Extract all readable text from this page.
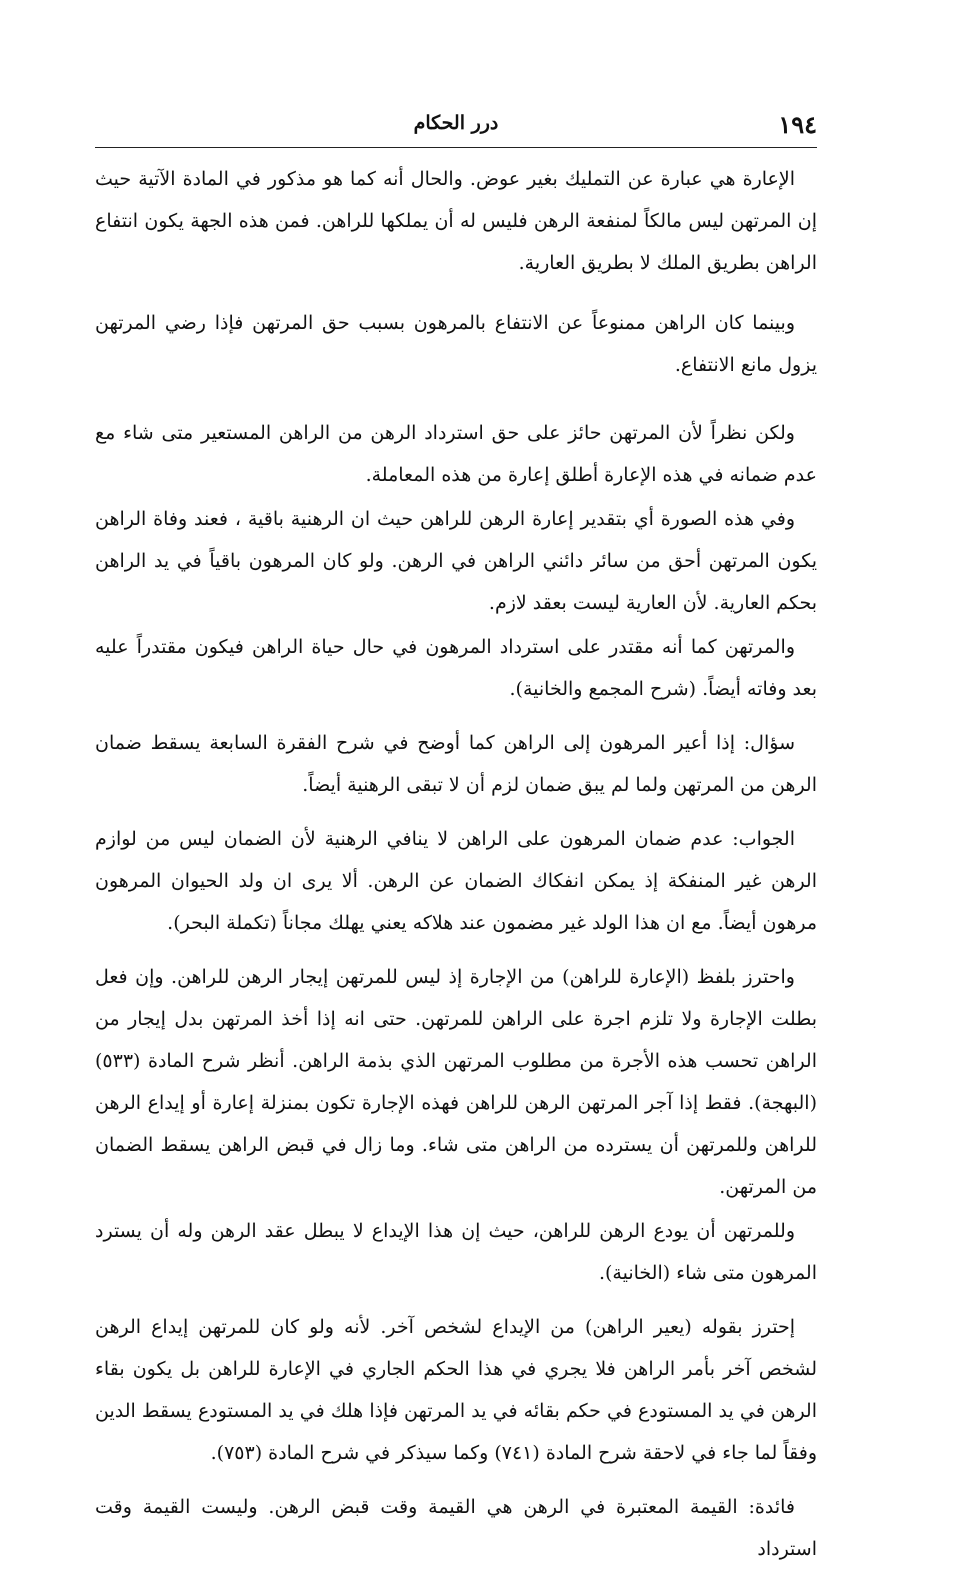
١٩٤
درر الحكام

الإعارة هي عبارة عن التمليك بغير عوض. والحال أنه كما هو مذكور في المادة الآتية حيث إن المرتهن ليس مالكاً لمنفعة الرهن فليس له أن يملكها للراهن. فمن هذه الجهة يكون انتفاع الراهن بطريق الملك لا بطريق العارية.

وبينما كان الراهن ممنوعاً عن الانتفاع بالمرهون بسبب حق المرتهن فإذا رضي المرتهن يزول مانع الانتفاع.

ولكن نظراً لأن المرتهن حائز على حق استرداد الرهن من الراهن المستعير متى شاء مع عدم ضمانه في هذه الإعارة أطلق إعارة من هذه المعاملة.

وفي هذه الصورة أي بتقدير إعارة الرهن للراهن حيث ان الرهنية باقية ، فعند وفاة الراهن يكون المرتهن أحق من سائر دائني الراهن في الرهن. ولو كان المرهون باقياً في يد الراهن بحكم العارية. لأن العارية ليست بعقد لازم.

والمرتهن كما أنه مقتدر على استرداد المرهون في حال حياة الراهن فيكون مقتدراً عليه بعد وفاته أيضاً. (شرح المجمع والخانية).

سؤال: إذا أعير المرهون إلى الراهن كما أوضح في شرح الفقرة السابعة يسقط ضمان الرهن من المرتهن ولما لم يبق ضمان لزم أن لا تبقى الرهنية أيضاً.

الجواب: عدم ضمان المرهون على الراهن لا ينافي الرهنية لأن الضمان ليس من لوازم الرهن غير المنفكة إذ يمكن انفكاك الضمان عن الرهن. ألا يرى ان ولد الحيوان المرهون مرهون أيضاً. مع ان هذا الولد غير مضمون عند هلاكه يعني يهلك مجاناً (تكملة البحر).

واحترز بلفظ (الإعارة للراهن) من الإجارة إذ ليس للمرتهن إيجار الرهن للراهن. وإن فعل بطلت الإجارة ولا تلزم اجرة على الراهن للمرتهن. حتى انه إذا أخذ المرتهن بدل إيجار من الراهن تحسب هذه الأجرة من مطلوب المرتهن الذي بذمة الراهن. أنظر شرح المادة (٥٣٣) (البهجة). فقط إذا آجر المرتهن الرهن للراهن فهذه الإجارة تكون بمنزلة إعارة أو إيداع الرهن للراهن وللمرتهن أن يسترده من الراهن متى شاء. وما زال في قبض الراهن يسقط الضمان من المرتهن.

وللمرتهن أن يودع الرهن للراهن، حيث إن هذا الإيداع لا يبطل عقد الرهن وله أن يسترد المرهون متى شاء (الخانية).

إحترز بقوله (يعير الراهن) من الإيداع لشخص آخر. لأنه ولو كان للمرتهن إيداع الرهن لشخص آخر بأمر الراهن فلا يجري في هذا الحكم الجاري في الإعارة للراهن بل يكون بقاء الرهن في يد المستودع في حكم بقائه في يد المرتهن فإذا هلك في يد المستودع يسقط الدين وفقاً لما جاء في لاحقة شرح المادة (٧٤١) وكما سيذكر في شرح المادة (٧٥٣).

فائدة: القيمة المعتبرة في الرهن هي القيمة وقت قبض الرهن. وليست القيمة وقت استرداد
